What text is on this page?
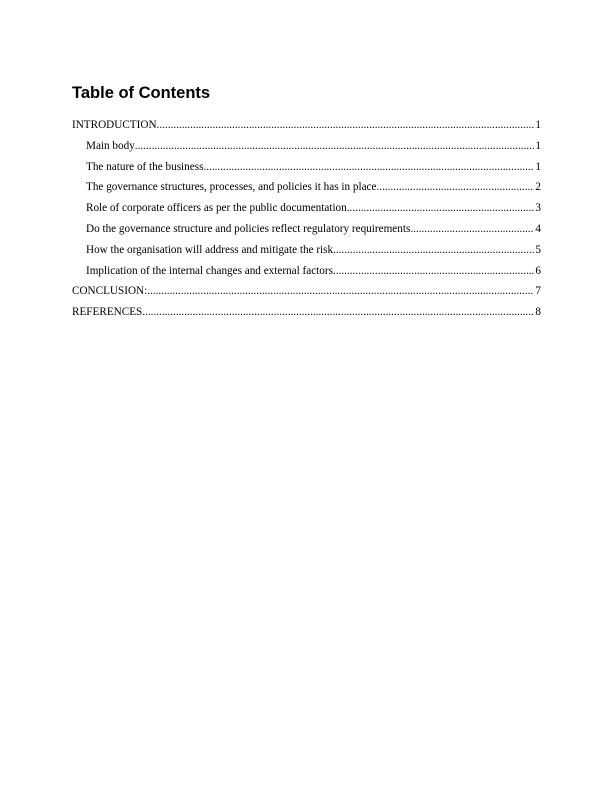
Table of Contents
INTRODUCTION .....	1
Main body .....	1
The nature of the business .....	1
The governance structures, processes, and policies it has in place .....	2
Role of corporate officers as per the public documentation .....	3
Do the governance structure and policies reflect regulatory requirements .....	4
How the organisation will address and mitigate the risk .....	5
Implication of the internal changes and external factors .....	6
CONCLUSION: .....	7
REFERENCES .....	8
